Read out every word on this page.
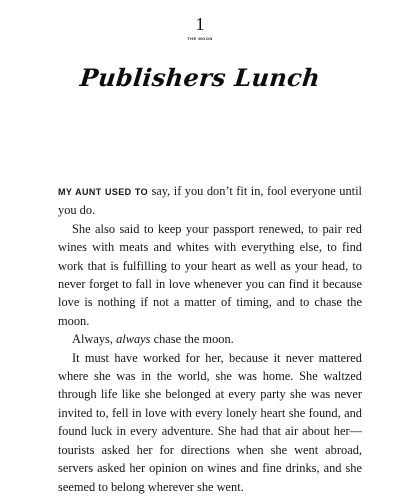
1
THE MOON
Publishers Lunch

MY AUNT USED TO say, if you don’t fit in, fool everyone until you do.

She also said to keep your passport renewed, to pair red wines with meats and whites with everything else, to find work that is fulfilling to your heart as well as your head, to never forget to fall in love whenever you can find it because love is nothing if not a matter of timing, and to chase the moon.

Always, always chase the moon.

It must have worked for her, because it never mattered where she was in the world, she was home. She waltzed through life like she belonged at every party she was never invited to, fell in love with every lonely heart she found, and found luck in every adventure. She had that air about her—tourists asked her for directions when she went abroad, servers asked her opinion on wines and fine drinks, and she seemed to belong wherever she went.
